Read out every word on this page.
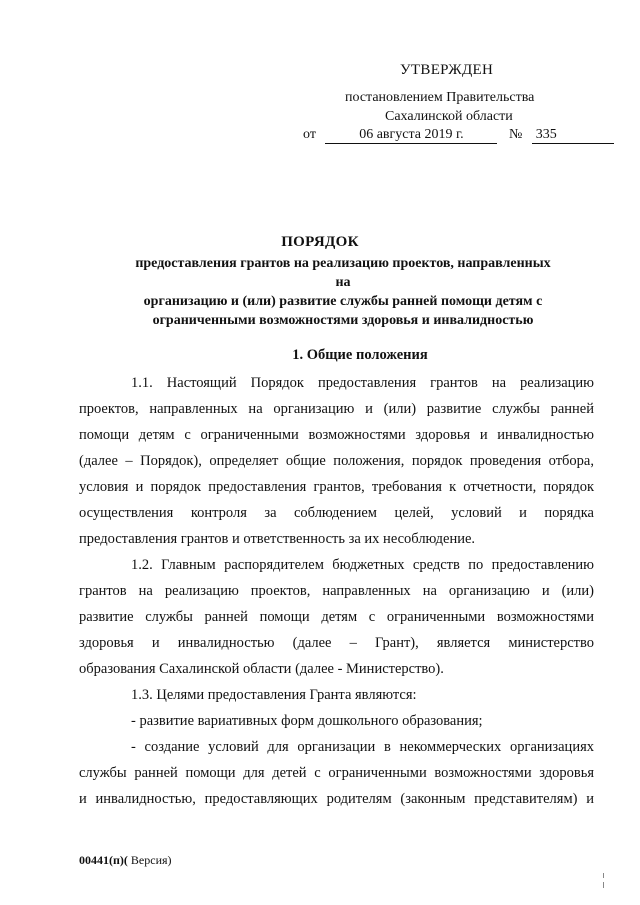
УТВЕРЖДЕН
постановлением Правительства
Сахалинской области
от	06 августа 2019 г.	№ 335
ПОРЯДОК
предоставления грантов на реализацию проектов, направленных на
организацию и (или) развитие службы ранней помощи детям с
ограниченными возможностями здоровья и инвалидностью
1. Общие положения
1.1. Настоящий Порядок предоставления грантов на реализацию
проектов, направленных на организацию и (или) развитие службы ранней
помощи детям с ограниченными возможностями здоровья и инвалидностью
(далее – Порядок), определяет общие положения, порядок проведения отбора,
условия и порядок предоставления грантов, требования к отчетности, порядок
осуществления контроля за соблюдением целей, условий и порядка
предоставления грантов и ответственность за их несоблюдение.
1.2. Главным распорядителем бюджетных средств по предоставлению
грантов на реализацию проектов, направленных на организацию и (или)
развитие службы ранней помощи детям с ограниченными возможностями
здоровья и инвалидностью (далее – Грант), является министерство
образования Сахалинской области (далее - Министерство).
1.3. Целями предоставления Гранта являются:
- развитие вариативных форм дошкольного образования;
- создание условий для организации в некоммерческих организациях
службы ранней помощи для детей с ограниченными возможностями здоровья
и инвалидностью, предоставляющих родителям (законным представителям) и
00441(п)( Версия)
